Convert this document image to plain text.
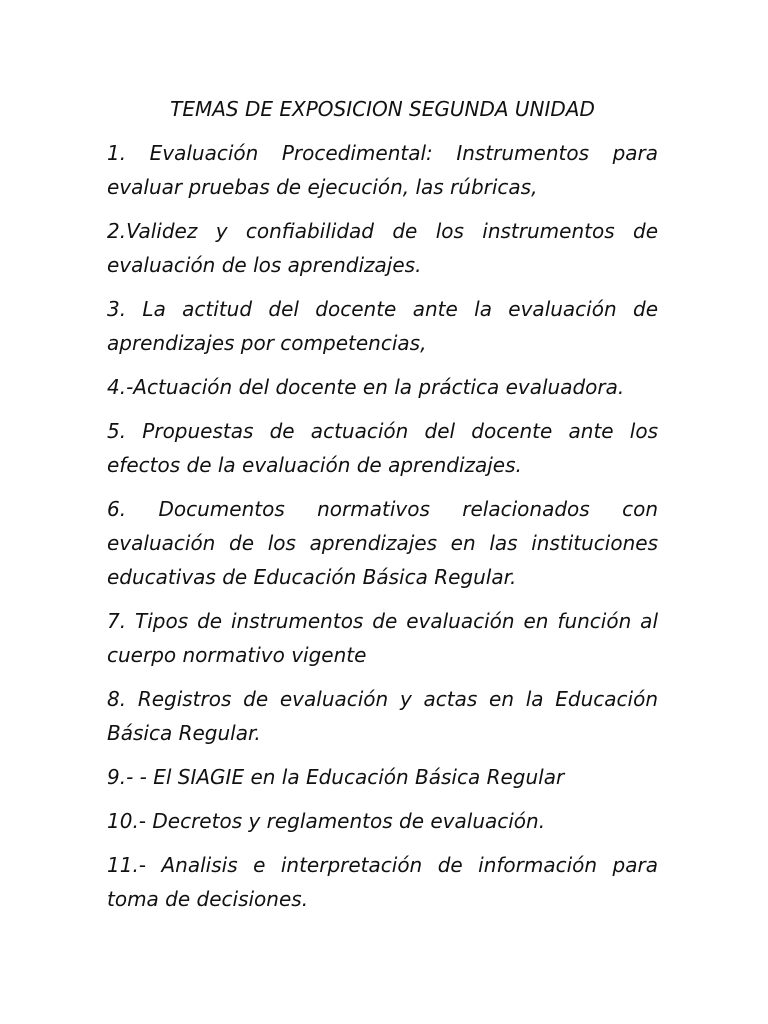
TEMAS DE EXPOSICION SEGUNDA UNIDAD

1. Evaluación Procedimental: Instrumentos para evaluar pruebas de ejecución, las rúbricas,

2.Validez y confiabilidad de los instrumentos de evaluación de los aprendizajes.

3. La actitud del docente ante la evaluación de aprendizajes por competencias,

4.-Actuación del docente en la práctica evaluadora.

5. Propuestas de actuación del docente ante los efectos de la evaluación de aprendizajes.

6. Documentos normativos relacionados con evaluación de los aprendizajes en las instituciones educativas de Educación Básica Regular.

7. Tipos de instrumentos de evaluación en función al cuerpo normativo vigente

8. Registros de evaluación y actas en la Educación Básica Regular.

9.- - El SIAGIE en la Educación Básica Regular

10.- Decretos y reglamentos de evaluación.

11.- Analisis e interpretación de información para toma de decisiones.
